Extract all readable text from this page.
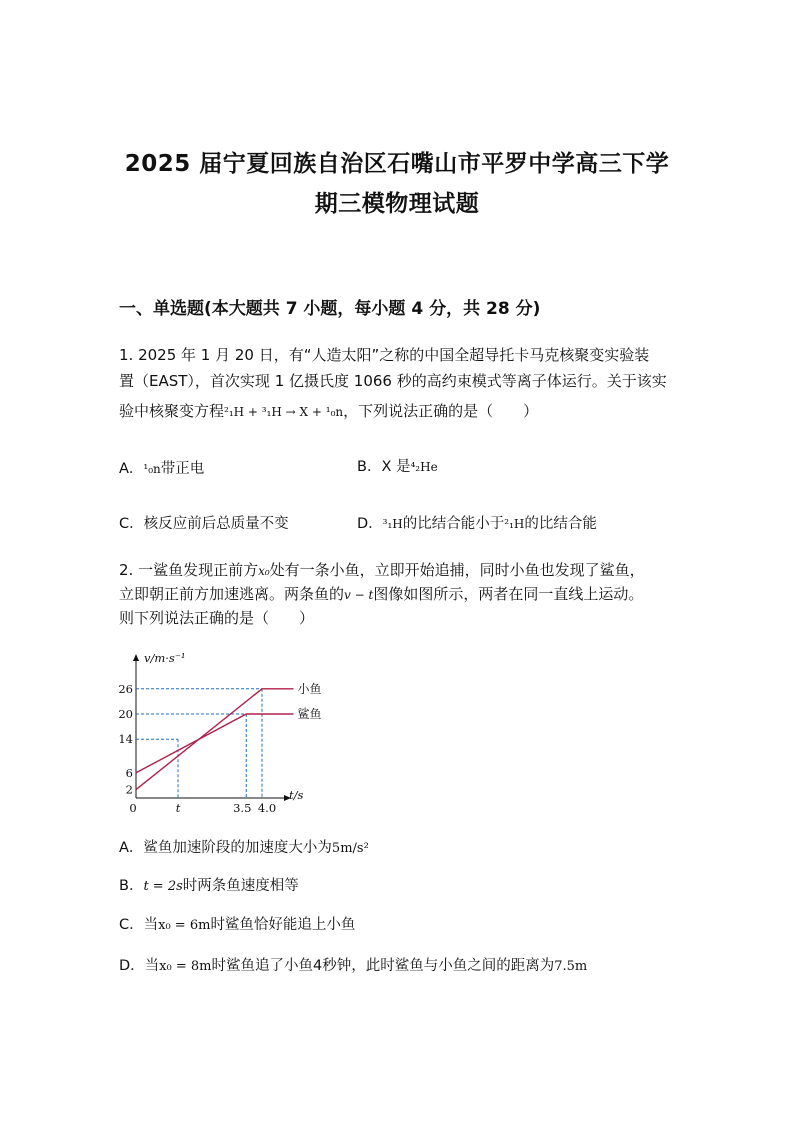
2025 届宁夏回族自治区石嘴山市平罗中学高三下学
期三模物理试题
一、单选题(本大题共 7 小题，每小题 4 分，共 28 分)
1. 2025 年 1 月 20 日，有“人造太阳”之称的中国全超导托卡马克核聚变实验装
置（EAST），首次实现 1 亿摄氏度 1066 秒的高约束模式等离子体运行。关于该实
验中核聚变方程²₁H + ³₁H → X + ¹₀n，下列说法正确的是（　　）
A．¹₀n带正电	B．X 是⁴₂He
C．核反应前后总质量不变	D．³₁H的比结合能小于²₁H的比结合能
2. 一鲨鱼发现正前方x₀处有一条小鱼，立即开始追捕，同时小鱼也发现了鲨鱼，
立即朝正前方加速逃离。两条鱼的v − t图像如图所示，两者在同一直线上运动。
则下列说法正确的是（　　）
小鱼
鲨鱼
26
20
14
6
2
0	t	3.5 4.0
v/m·s⁻¹
t/s
A．鲨鱼加速阶段的加速度大小为5m/s²
B．t = 2s时两条鱼速度相等
C．当x₀ = 6m时鲨鱼恰好能追上小鱼
D．当x₀ = 8m时鲨鱼追了小鱼4秒钟，此时鲨鱼与小鱼之间的距离为7.5m
